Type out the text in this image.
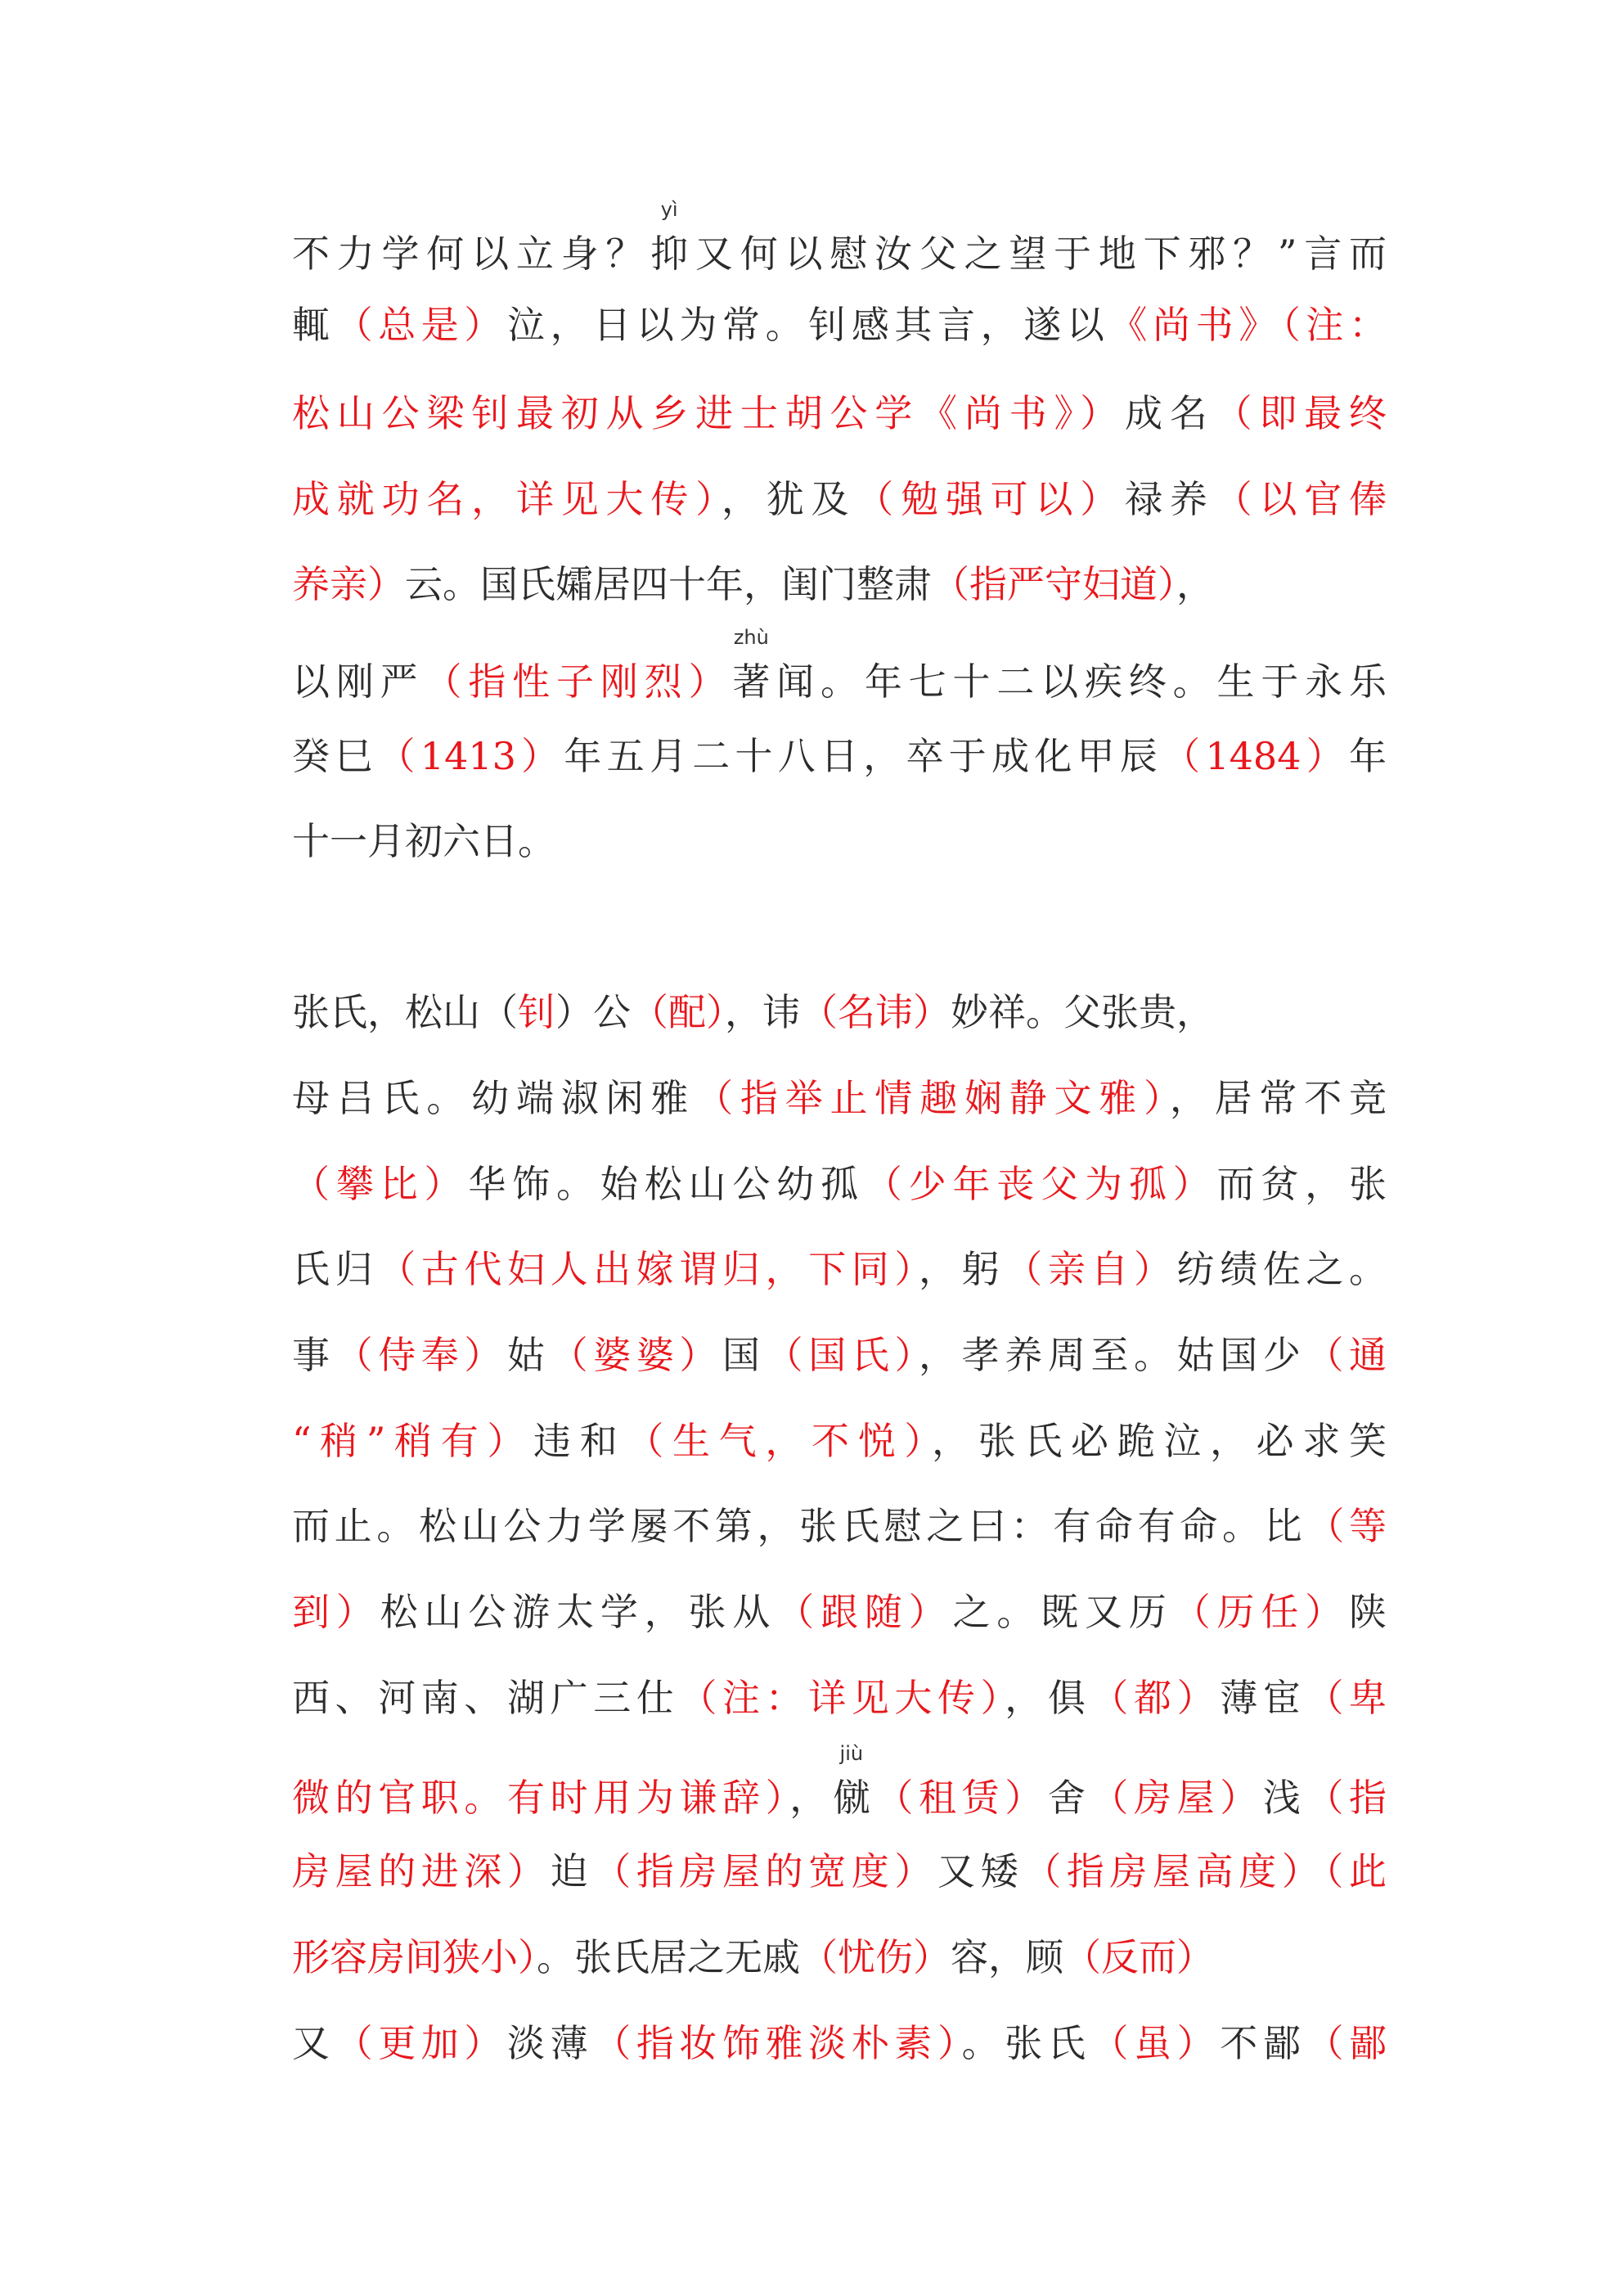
不力学何以立身？抑
yì
又何以慰汝父之望于地下邪？”言而
輒（总是）泣，日以为常。钊感其言，遂以《尚书》（注：
松山公梁钊最初从乡进士胡公学《尚书》）成名（即最终
成就功名，详见大传），犹及（勉强可以）禄养（以官俸
养亲）云。国氏孀居四十年，闺门整肃（指严守妇道），
以刚严（指性子刚烈）著
zhù
闻。年七十二以疾终。生于永乐
癸巳（1413）年五月二十八日，卒于成化甲辰（1484）年
十一月初六日。
张氏，松山（钊）公（配），讳（名讳）妙祥。父张贵，
母吕氏。幼端淑闲雅（指举止情趣娴静文雅），居常不竞
（攀比）华饰。始松山公幼孤（少年丧父为孤）而贫，张
氏归（古代妇人出嫁谓归，下同），躬（亲自）纺绩佐之。
事（侍奉）姑（婆婆）国（国氏），孝养周至。姑国少（通
“稍”稍有）违和（生气，不悦），张氏必跪泣，必求笑
而止。松山公力学屡不第，张氏慰之曰：有命有命。比（等
到）松山公游太学，张从（跟随）之。既又历（历任）陕
西、河南、湖广三仕（注：详见大传），俱（都）薄宦（卑
微的官职。有时用为谦辞），僦
jiù
（租赁）舍（房屋）浅（指
房屋的进深）迫（指房屋的宽度）又矮（指房屋高度）（此
形容房间狭小）。张氏居之无戚（忧伤）容，顾（反而）
又（更加）淡薄（指妆饰雅淡朴素）。张氏（虽）不鄙（鄙
